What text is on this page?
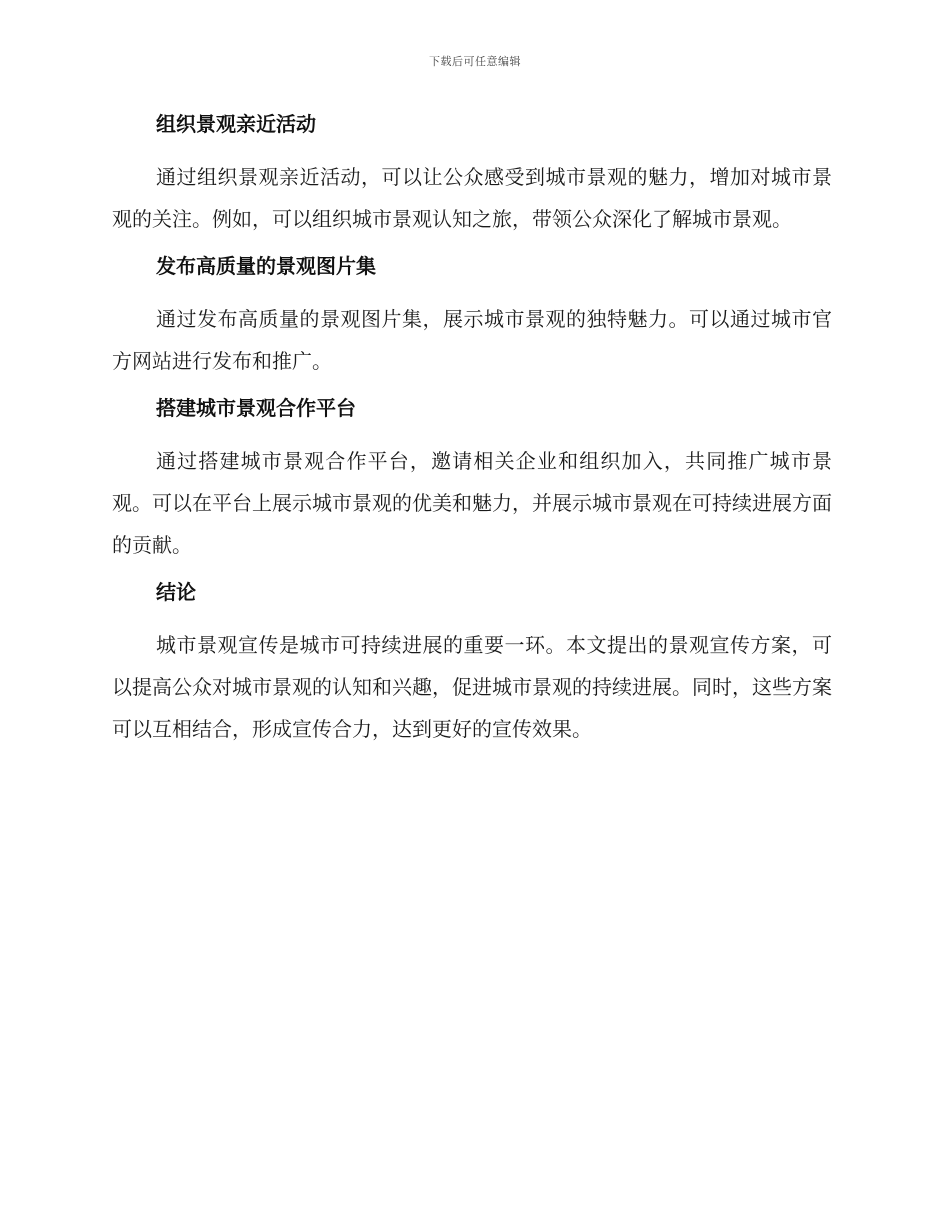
下载后可任意编辑
组织景观亲近活动

通过组织景观亲近活动，可以让公众感受到城市景观的魅力，增加对城市景观的关注。例如，可以组织城市景观认知之旅，带领公众深化了解城市景观。

发布高质量的景观图片集

通过发布高质量的景观图片集，展示城市景观的独特魅力。可以通过城市官方网站进行发布和推广。

搭建城市景观合作平台

通过搭建城市景观合作平台，邀请相关企业和组织加入，共同推广城市景观。可以在平台上展示城市景观的优美和魅力，并展示城市景观在可持续进展方面的贡献。

结论

城市景观宣传是城市可持续进展的重要一环。本文提出的景观宣传方案，可以提高公众对城市景观的认知和兴趣，促进城市景观的持续进展。同时，这些方案可以互相结合，形成宣传合力，达到更好的宣传效果。
